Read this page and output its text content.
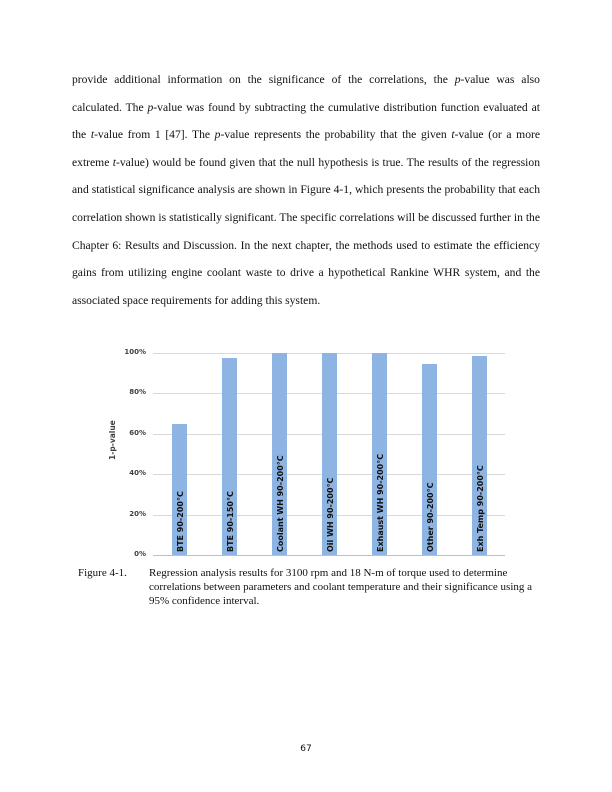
provide additional information on the significance of the correlations, the p-value was also calculated. The p-value was found by subtracting the cumulative distribution function evaluated at the t-value from 1 [47]. The p-value represents the probability that the given t-value (or a more extreme t-value) would be found given that the null hypothesis is true. The results of the regression and statistical significance analysis are shown in Figure 4-1, which presents the probability that each correlation shown is statistically significant. The specific correlations will be discussed further in the Chapter 6: Results and Discussion. In the next chapter, the methods used to estimate the efficiency gains from utilizing engine coolant waste to drive a hypothetical Rankine WHR system, and the associated space requirements for adding this system.

1-p-value
0%
20%
40%
60%
80%
100%
BTE 90-200°C	BTE 90-150°C	Coolant WH 90-200°C	Oil WH 90-200°C	Exhaust WH 90-200°C	Other 90-200°C	Exh Temp 90-200°C
Figure 4-1. Regression analysis results for 3100 rpm and 18 N-m of torque used to determine correlations between parameters and coolant temperature and their significance using a 95% confidence interval.
67
